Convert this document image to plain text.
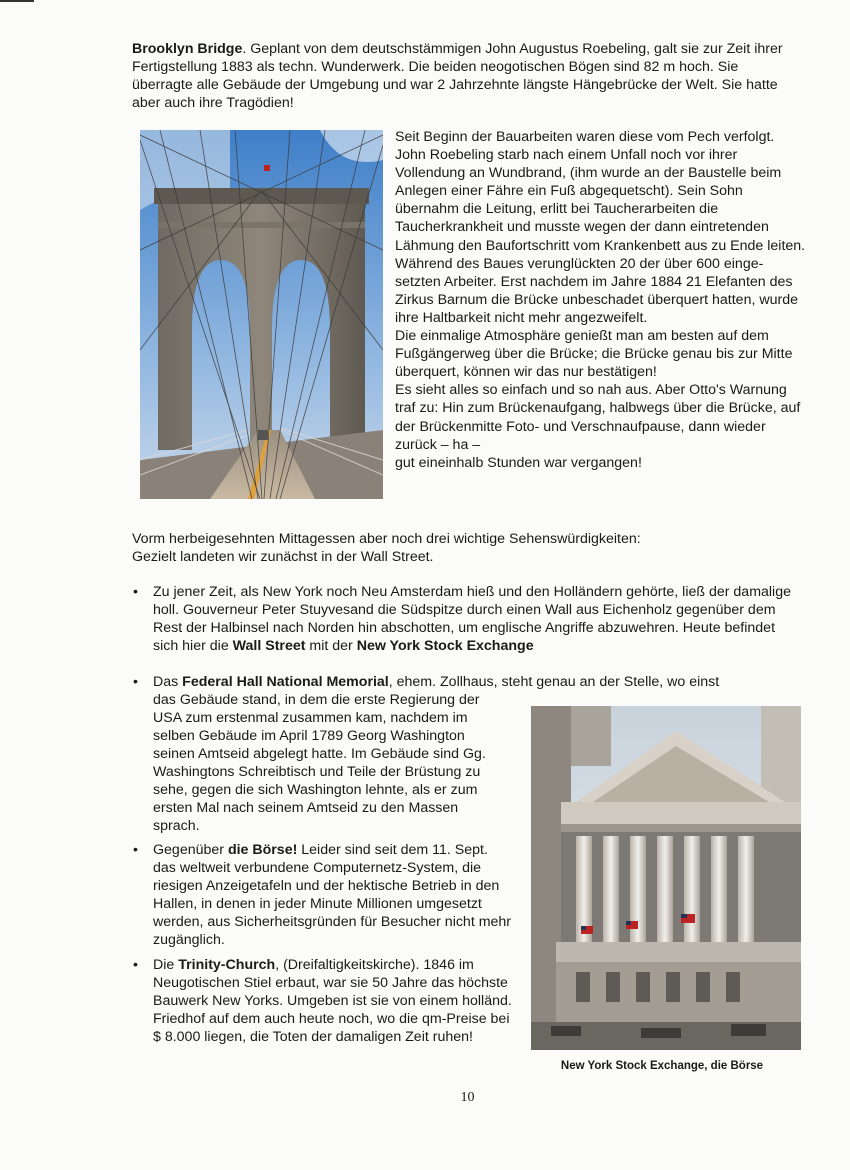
Brooklyn Bridge. Geplant von dem deutschstämmigen John Augustus Roebeling, galt sie zur Zeit ihrer Fertigstellung 1883 als techn. Wunderwerk. Die beiden neogotischen Bögen sind 82 m hoch. Sie überragte alle Gebäude der Umgebung und war 2 Jahrzehnte längste Hängebrücke der Welt. Sie hatte aber auch ihre Tragödien!

Seit Beginn der Bauarbeiten waren diese vom Pech verfolgt. John Roebeling starb nach einem Unfall noch vor ihrer Vollendung an Wundbrand, (ihm wurde an der Baustelle beim Anlegen einer Fähre ein Fuß abgequetscht). Sein Sohn übernahm die Leitung, erlitt bei Taucherarbeiten die Taucherkrankheit und musste wegen der dann eintretenden Lähmung den Baufortschritt vom Krankenbett aus zu Ende leiten.

Während des Baues verunglückten 20 der über 600 einge-setzten Arbeiter. Erst nachdem im Jahre 1884 21 Elefanten des Zirkus Barnum die Brücke unbeschadet überquert hatten, wurde ihre Haltbarkeit nicht mehr angezweifelt.

Die einmalige Atmosphäre genießt man am besten auf dem Fußgängerweg über die Brücke; die Brücke genau bis zur Mitte überquert, können wir das nur bestätigen!

Es sieht alles so einfach und so nah aus. Aber Otto's Warnung traf zu: Hin zum Brückenaufgang, halbwegs über die Brücke, auf der Brückenmitte Foto- und Verschnaufpause, dann wieder zurück – ha –

gut eineinhalb Stunden war vergangen!

Vorm herbeigesehnten Mittagessen aber noch drei wichtige Sehenswürdigkeiten:

Gezielt landeten wir zunächst in der Wall Street.

• Zu jener Zeit, als New York noch Neu Amsterdam hieß und den Holländern gehörte, ließ der damalige holl. Gouverneur Peter Stuyvesand die Südspitze durch einen Wall aus Eichenholz gegenüber dem Rest der Halbinsel nach Norden hin abschotten, um englische Angriffe abzuwehren. Heute befindet sich hier die Wall Street mit der New York Stock Exchange

• Das Federal Hall National Memorial, ehem. Zollhaus, steht genau an der Stelle, wo einst

das Gebäude stand, in dem die erste Regierung der USA zum erstenmal zusammen kam, nachdem im selben Gebäude im April 1789 Georg Washington seinen Amtseid abgelegt hatte. Im Gebäude sind Gg. Washingtons Schreibtisch und Teile der Brüstung zu sehe, gegen die sich Washington lehnte, als er zum ersten Mal nach seinem Amtseid zu den Massen sprach.

• Gegenüber die Börse! Leider sind seit dem 11. Sept. das weltweit verbundene Computernetz-System, die riesigen Anzeigetafeln und der hektische Betrieb in den Hallen, in denen in jeder Minute Millionen umgesetzt werden, aus Sicherheitsgründen für Besucher nicht mehr zugänglich.

• Die Trinity-Church, (Dreifaltigkeitskirche). 1846 im Neugotischen Stiel erbaut, war sie 50 Jahre das höchste Bauwerk New Yorks. Umgeben ist sie von einem holländ. Friedhof auf dem auch heute noch, wo die qm-Preise bei $ 8.000 liegen, die Toten der damaligen Zeit ruhen!

New York Stock Exchange, die Börse
10
